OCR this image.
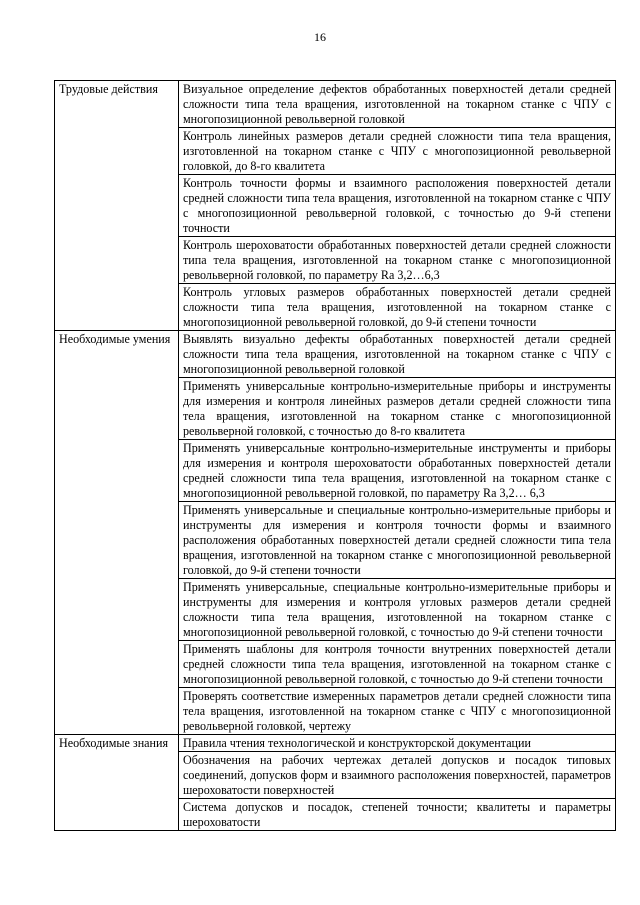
16
Трудовые действия	Визуальное определение дефектов обработанных поверхностей детали средней сложности типа тела вращения, изготовленной на токарном станке с ЧПУ с многопозиционной револьверной головкой
	Контроль линейных размеров детали средней сложности типа тела вращения, изготовленной на токарном станке с ЧПУ с многопозиционной револьверной головкой, до 8-го квалитета
	Контроль точности формы и взаимного расположения поверхностей детали средней сложности типа тела вращения, изготовленной на токарном станке с ЧПУ с многопозиционной револьверной головкой, с точностью до 9-й степени точности
	Контроль шероховатости обработанных поверхностей детали средней сложности типа тела вращения, изготовленной на токарном станке с многопозиционной револьверной головкой, по параметру Ra 3,2…6,3
	Контроль угловых размеров обработанных поверхностей детали средней сложности типа тела вращения, изготовленной на токарном станке с многопозиционной револьверной головкой, до 9-й степени точности
Необходимые умения	Выявлять визуально дефекты обработанных поверхностей детали средней сложности типа тела вращения, изготовленной на токарном станке с ЧПУ с многопозиционной револьверной головкой
	Применять универсальные контрольно-измерительные приборы и инструменты для измерения и контроля линейных размеров детали средней сложности типа тела вращения, изготовленной на токарном станке с многопозиционной револьверной головкой, с точностью до 8-го квалитета
	Применять универсальные контрольно-измерительные инструменты и приборы для измерения и контроля шероховатости обработанных поверхностей детали средней сложности типа тела вращения, изготовленной на токарном станке с многопозиционной револьверной головкой, по параметру Ra 3,2… 6,3
	Применять универсальные и специальные контрольно-измерительные приборы и инструменты для измерения и контроля точности формы и взаимного расположения обработанных поверхностей детали средней сложности типа тела вращения, изготовленной на токарном станке с многопозиционной револьверной головкой, до 9-й степени точности
	Применять универсальные, специальные контрольно-измерительные приборы и инструменты для измерения и контроля угловых размеров детали средней сложности типа тела вращения, изготовленной на токарном станке с многопозиционной револьверной головкой, с точностью до 9-й степени точности
	Применять шаблоны для контроля точности внутренних поверхностей детали средней сложности типа тела вращения, изготовленной на токарном станке с многопозиционной револьверной головкой, с точностью до 9-й степени точности
	Проверять соответствие измеренных параметров детали средней сложности типа тела вращения, изготовленной на токарном станке с ЧПУ с многопозиционной револьверной головкой, чертежу
Необходимые знания	Правила чтения технологической и конструкторской документации
	Обозначения на рабочих чертежах деталей допусков и посадок типовых соединений, допусков форм и взаимного расположения поверхностей, параметров шероховатости поверхностей
	Система допусков и посадок, степеней точности; квалитеты и параметры шероховатости
